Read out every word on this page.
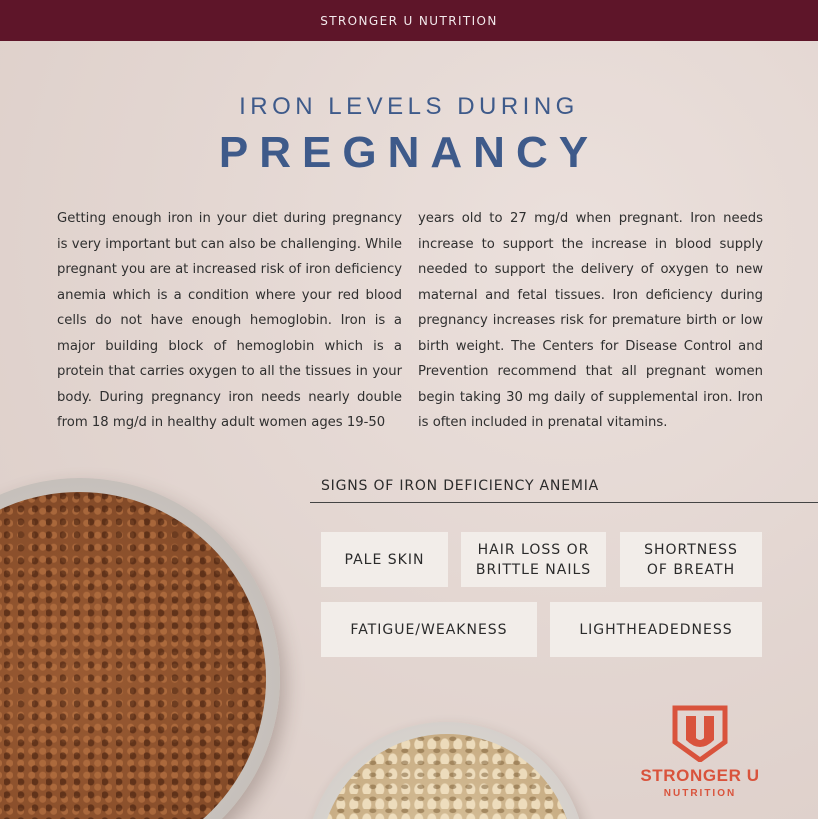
STRONGER U NUTRITION
IRON LEVELS DURING
PREGNANCY

Getting enough iron in your diet during pregnancy is very important but can also be challenging. While pregnant you are at increased risk of iron deficiency anemia which is a condition where your red blood cells do not have enough hemoglobin. Iron is a major building block of hemoglobin which is a protein that carries oxygen to all the tissues in your body. During pregnancy iron needs nearly double from 18 mg/d in healthy adult women ages 19-50

years old to 27 mg/d when pregnant. Iron needs increase to support the increase in blood supply needed to support the delivery of oxygen to new maternal and fetal tissues. Iron deficiency during pregnancy increases risk for premature birth or low birth weight. The Centers for Disease Control and Prevention recommend that all pregnant women begin taking 30 mg daily of supplemental iron. Iron is often included in prenatal vitamins.

SIGNS OF IRON DEFICIENCY ANEMIA
PALE SKIN
HAIR LOSS OR
BRITTLE NAILS
SHORTNESS
OF BREATH
FATIGUE/WEAKNESS	LIGHTHEADEDNESS
STRONGER U
NUTRITION
